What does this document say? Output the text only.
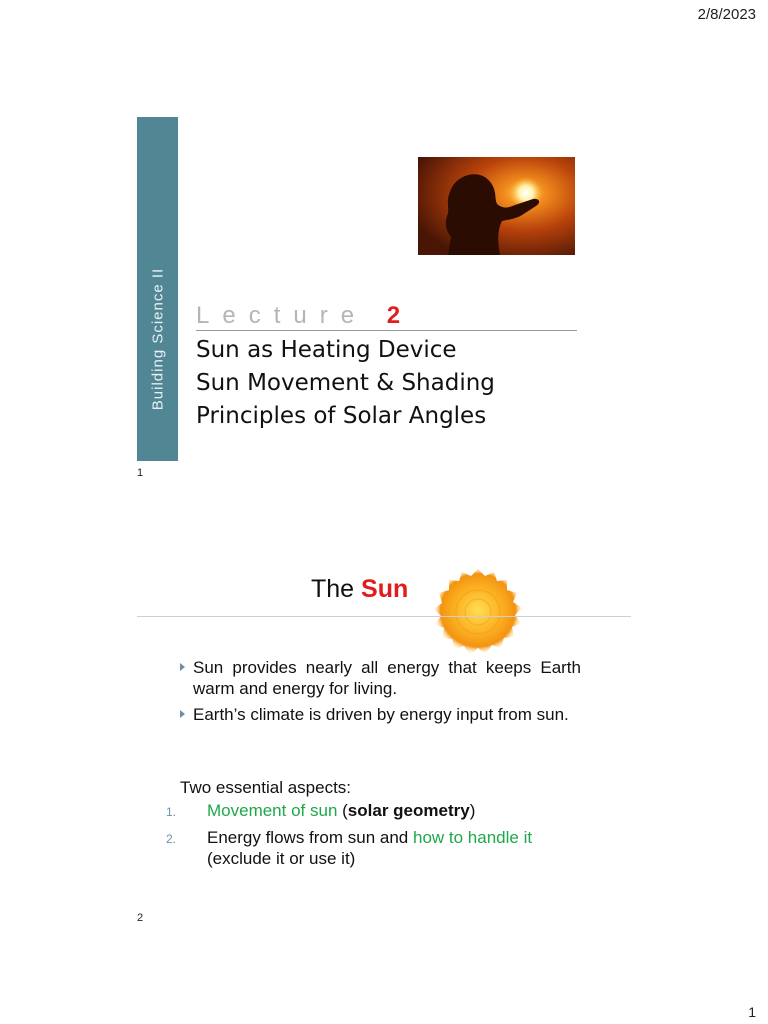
2/8/2023
Building Science II Lecture 2
Sun as Heating Device
Sun Movement & Shading
Principles of Solar Angles
1
The Sun
Sun provides nearly all energy that keeps Earth warm and energy for living.
Earth’s climate is driven by energy input from sun.
Two essential aspects:
1. Movement of sun (solar geometry)
2. Energy flows from sun and how to handle it (exclude it or use it)
2
1
